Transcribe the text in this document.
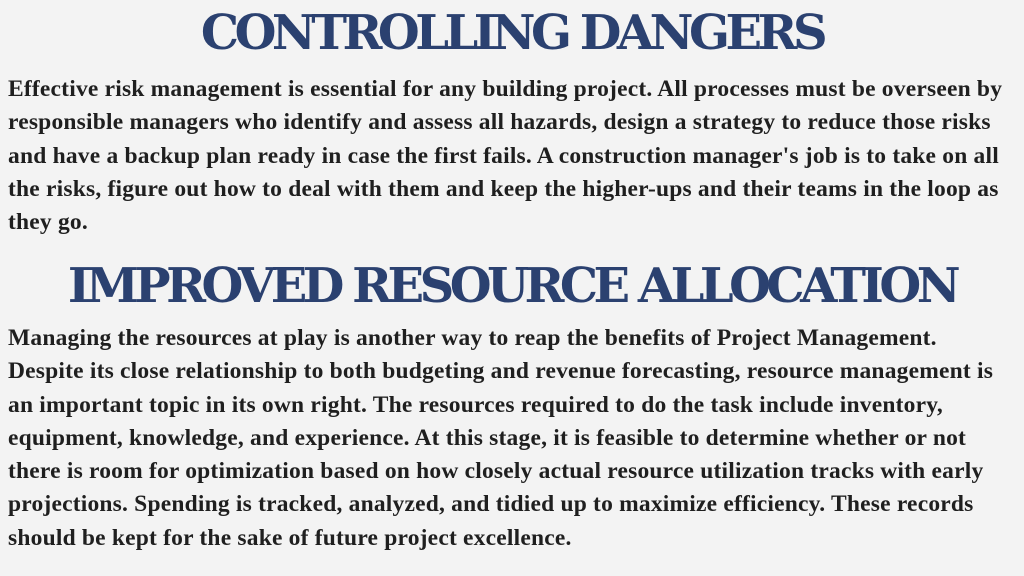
CONTROLLING DANGERS

Effective risk management is essential for any building project. All processes must be overseen by responsible managers who identify and assess all hazards, design a strategy to reduce those risks and have a backup plan ready in case the first fails. A construction manager's job is to take on all the risks, figure out how to deal with them and keep the higher-ups and their teams in the loop as they go.

IMPROVED RESOURCE ALLOCATION

Managing the resources at play is another way to reap the benefits of Project Management. Despite its close relationship to both budgeting and revenue forecasting, resource management is an important topic in its own right. The resources required to do the task include inventory, equipment, knowledge, and experience. At this stage, it is feasible to determine whether or not there is room for optimization based on how closely actual resource utilization tracks with early projections. Spending is tracked, analyzed, and tidied up to maximize efficiency. These records should be kept for the sake of future project excellence.
